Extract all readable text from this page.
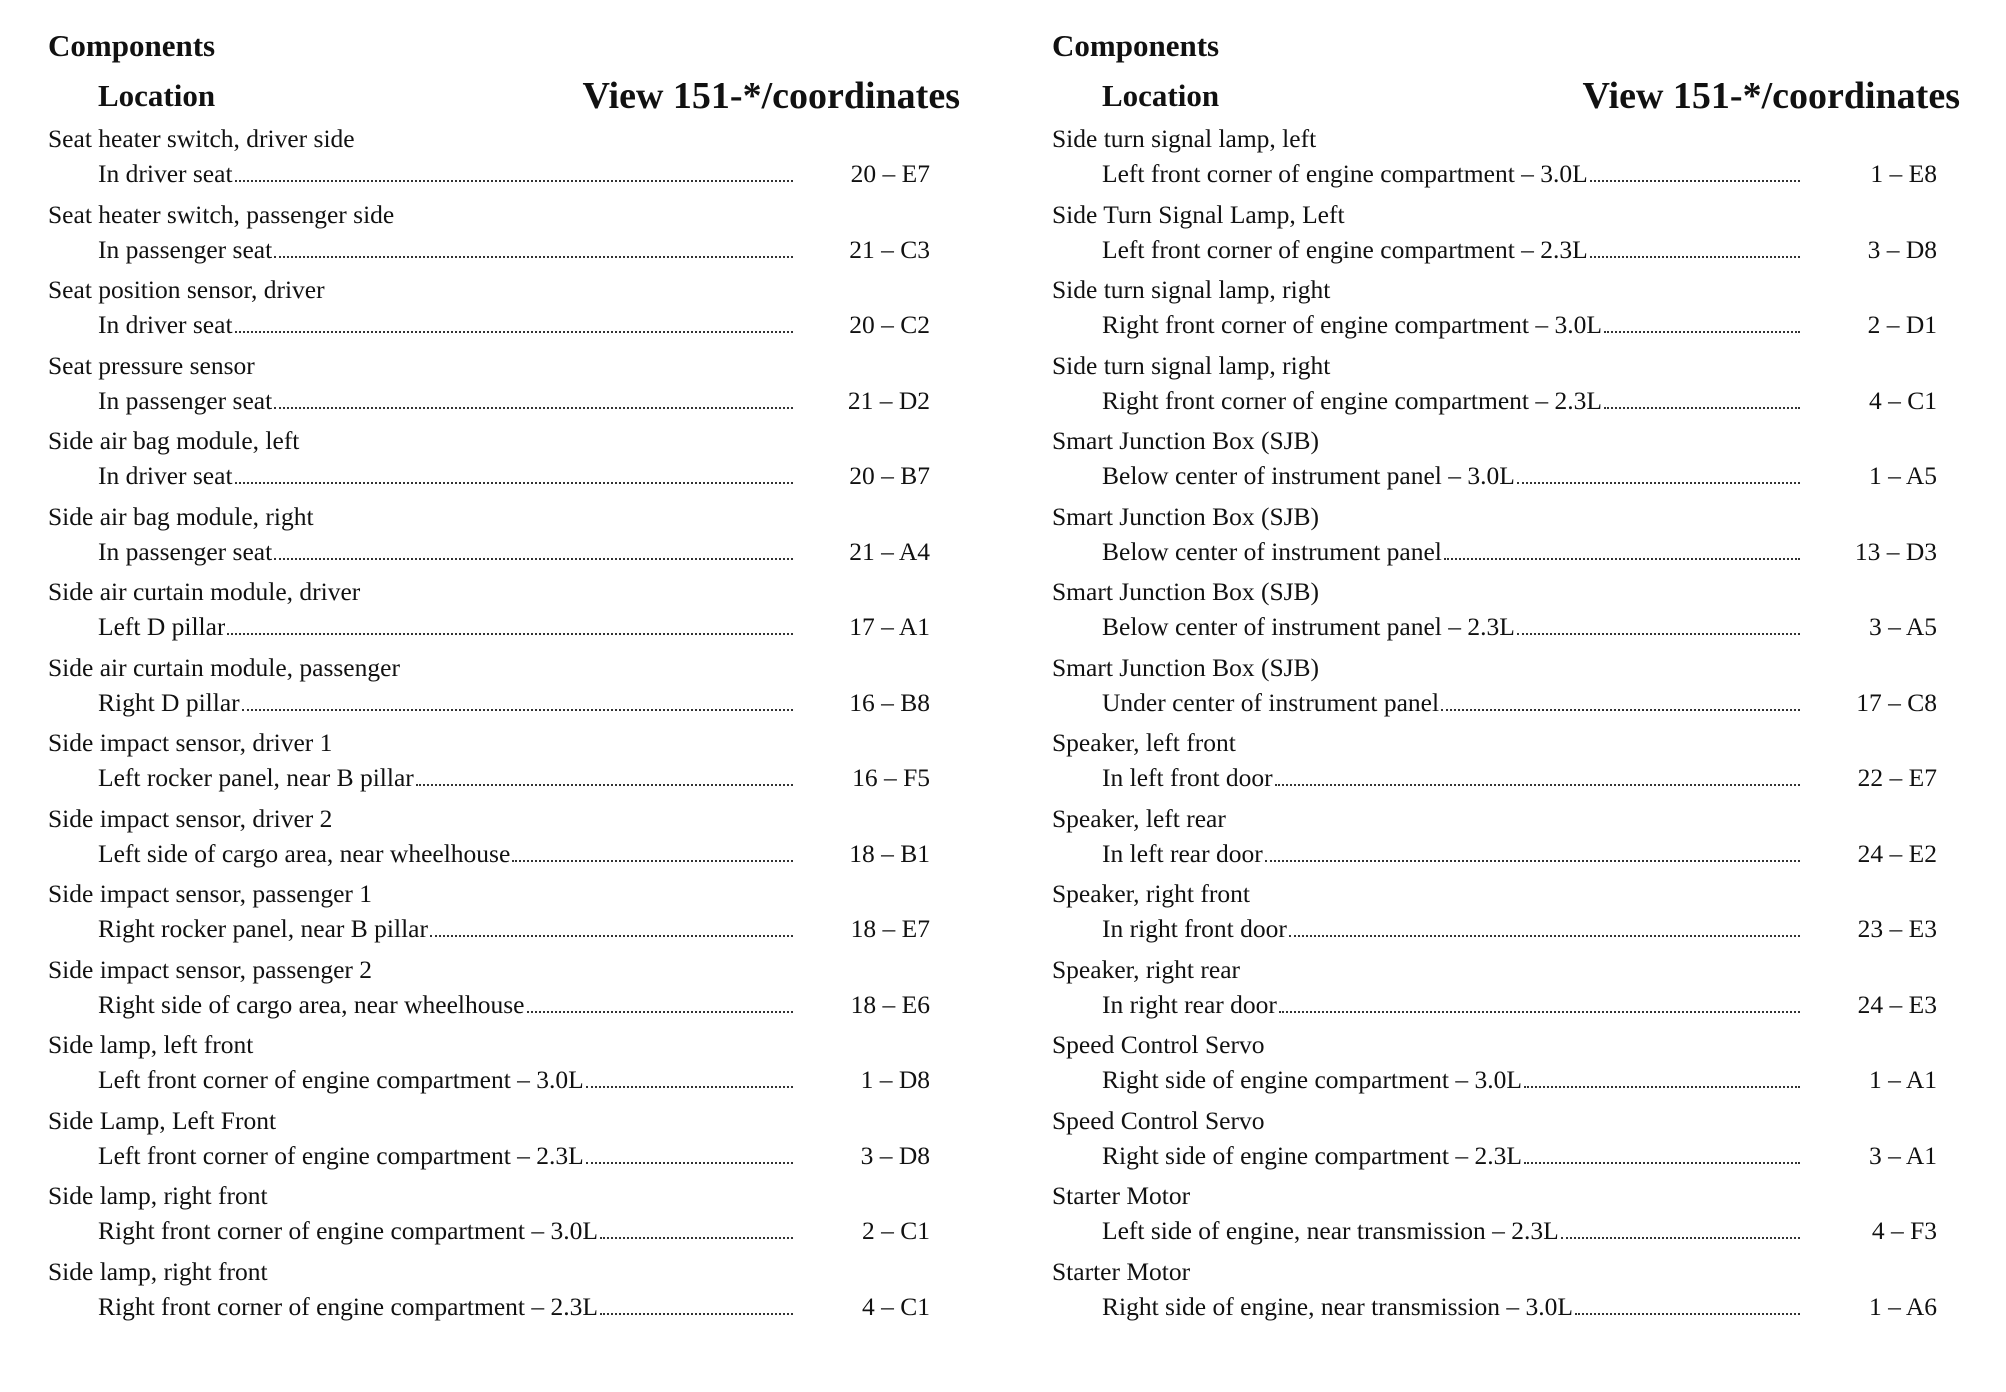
Components
Location	View 151-*/coordinates
Seat heater switch, driver side
In driver seat	20 – E7
Seat heater switch, passenger side
In passenger seat	21 – C3
Seat position sensor, driver
In driver seat	20 – C2
Seat pressure sensor
In passenger seat	21 – D2
Side air bag module, left
In driver seat	20 – B7
Side air bag module, right
In passenger seat	21 – A4
Side air curtain module, driver
Left D pillar	17 – A1
Side air curtain module, passenger
Right D pillar	16 – B8
Side impact sensor, driver 1
Left rocker panel, near B pillar	16 – F5
Side impact sensor, driver 2
Left side of cargo area, near wheelhouse	18 – B1
Side impact sensor, passenger 1
Right rocker panel, near B pillar	18 – E7
Side impact sensor, passenger 2
Right side of cargo area, near wheelhouse	18 – E6
Side lamp, left front
Left front corner of engine compartment – 3.0L	1 – D8
Side Lamp, Left Front
Left front corner of engine compartment – 2.3L	3 – D8
Side lamp, right front
Right front corner of engine compartment – 3.0L	2 – C1
Side lamp, right front
Right front corner of engine compartment – 2.3L	4 – C1
Components
Location	View 151-*/coordinates
Side turn signal lamp, left
Left front corner of engine compartment – 3.0L	1 – E8
Side Turn Signal Lamp, Left
Left front corner of engine compartment – 2.3L	3 – D8
Side turn signal lamp, right
Right front corner of engine compartment – 3.0L	2 – D1
Side turn signal lamp, right
Right front corner of engine compartment – 2.3L	4 – C1
Smart Junction Box (SJB)
Below center of instrument panel – 3.0L	1 – A5
Smart Junction Box (SJB)
Below center of instrument panel	13 – D3
Smart Junction Box (SJB)
Below center of instrument panel – 2.3L	3 – A5
Smart Junction Box (SJB)
Under center of instrument panel	17 – C8
Speaker, left front
In left front door	22 – E7
Speaker, left rear
In left rear door	24 – E2
Speaker, right front
In right front door	23 – E3
Speaker, right rear
In right rear door	24 – E3
Speed Control Servo
Right side of engine compartment – 3.0L	1 – A1
Speed Control Servo
Right side of engine compartment – 2.3L	3 – A1
Starter Motor
Left side of engine, near transmission – 2.3L	4 – F3
Starter Motor
Right side of engine, near transmission – 3.0L	1 – A6
